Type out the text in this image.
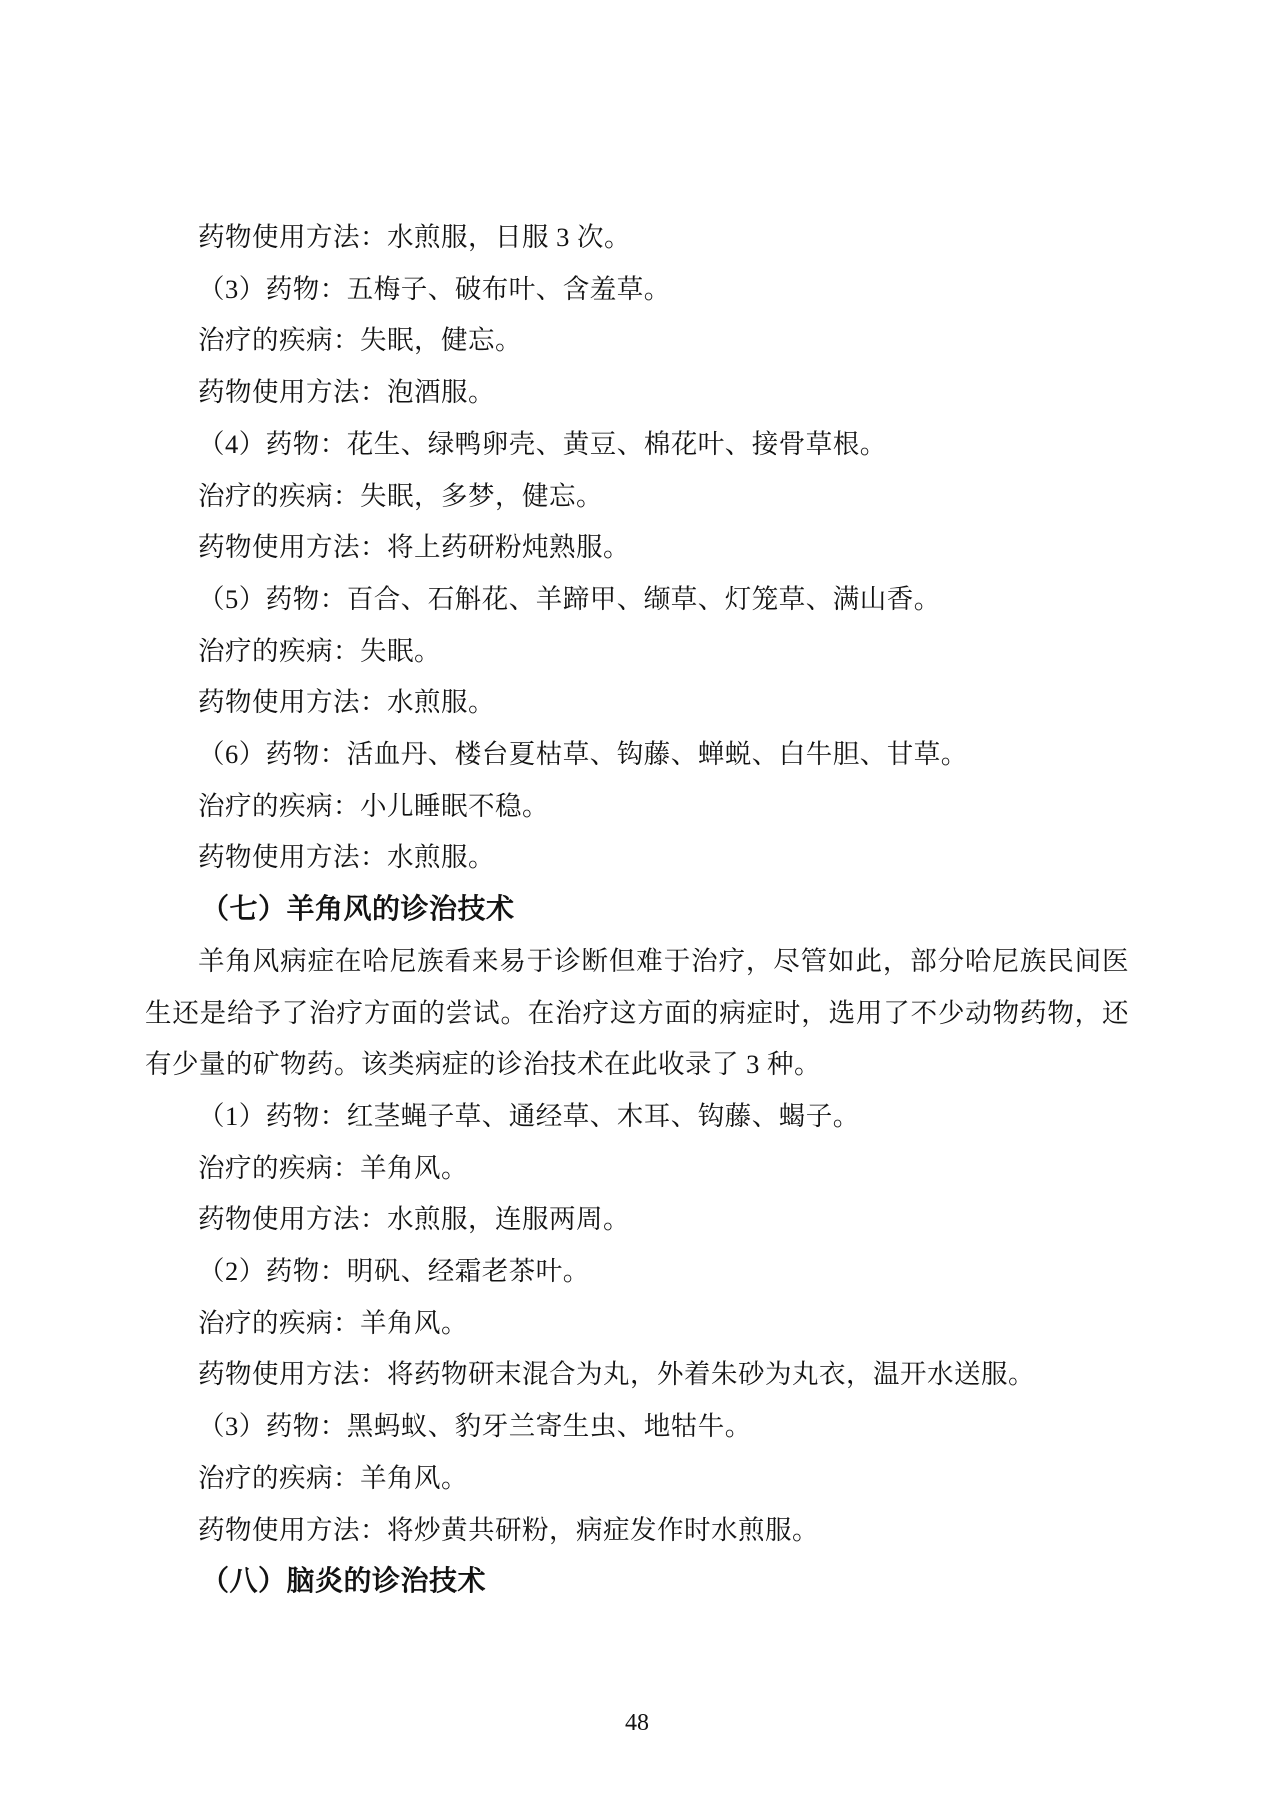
药物使用方法：水煎服，日服 3 次。

（3）药物：五梅子、破布叶、含羞草。

治疗的疾病：失眠，健忘。

药物使用方法：泡酒服。

（4）药物：花生、绿鸭卵壳、黄豆、棉花叶、接骨草根。

治疗的疾病：失眠，多梦，健忘。

药物使用方法：将上药研粉炖熟服。

（5）药物：百合、石斛花、羊蹄甲、缬草、灯笼草、满山香。

治疗的疾病：失眠。

药物使用方法：水煎服。

（6）药物：活血丹、楼台夏枯草、钩藤、蝉蜕、白牛胆、甘草。

治疗的疾病：小儿睡眠不稳。

药物使用方法：水煎服。

（七）羊角风的诊治技术

羊角风病症在哈尼族看来易于诊断但难于治疗，尽管如此，部分哈尼族民间医生还是给予了治疗方面的尝试。在治疗这方面的病症时，选用了不少动物药物，还有少量的矿物药。该类病症的诊治技术在此收录了 3 种。

（1）药物：红茎蝇子草、通经草、木耳、钩藤、蝎子。

治疗的疾病：羊角风。

药物使用方法：水煎服，连服两周。

（2）药物：明矾、经霜老茶叶。

治疗的疾病：羊角风。

药物使用方法：将药物研末混合为丸，外着朱砂为丸衣，温开水送服。

（3）药物：黑蚂蚁、豹牙兰寄生虫、地牯牛。

治疗的疾病：羊角风。

药物使用方法：将炒黄共研粉，病症发作时水煎服。

（八）脑炎的诊治技术

48
